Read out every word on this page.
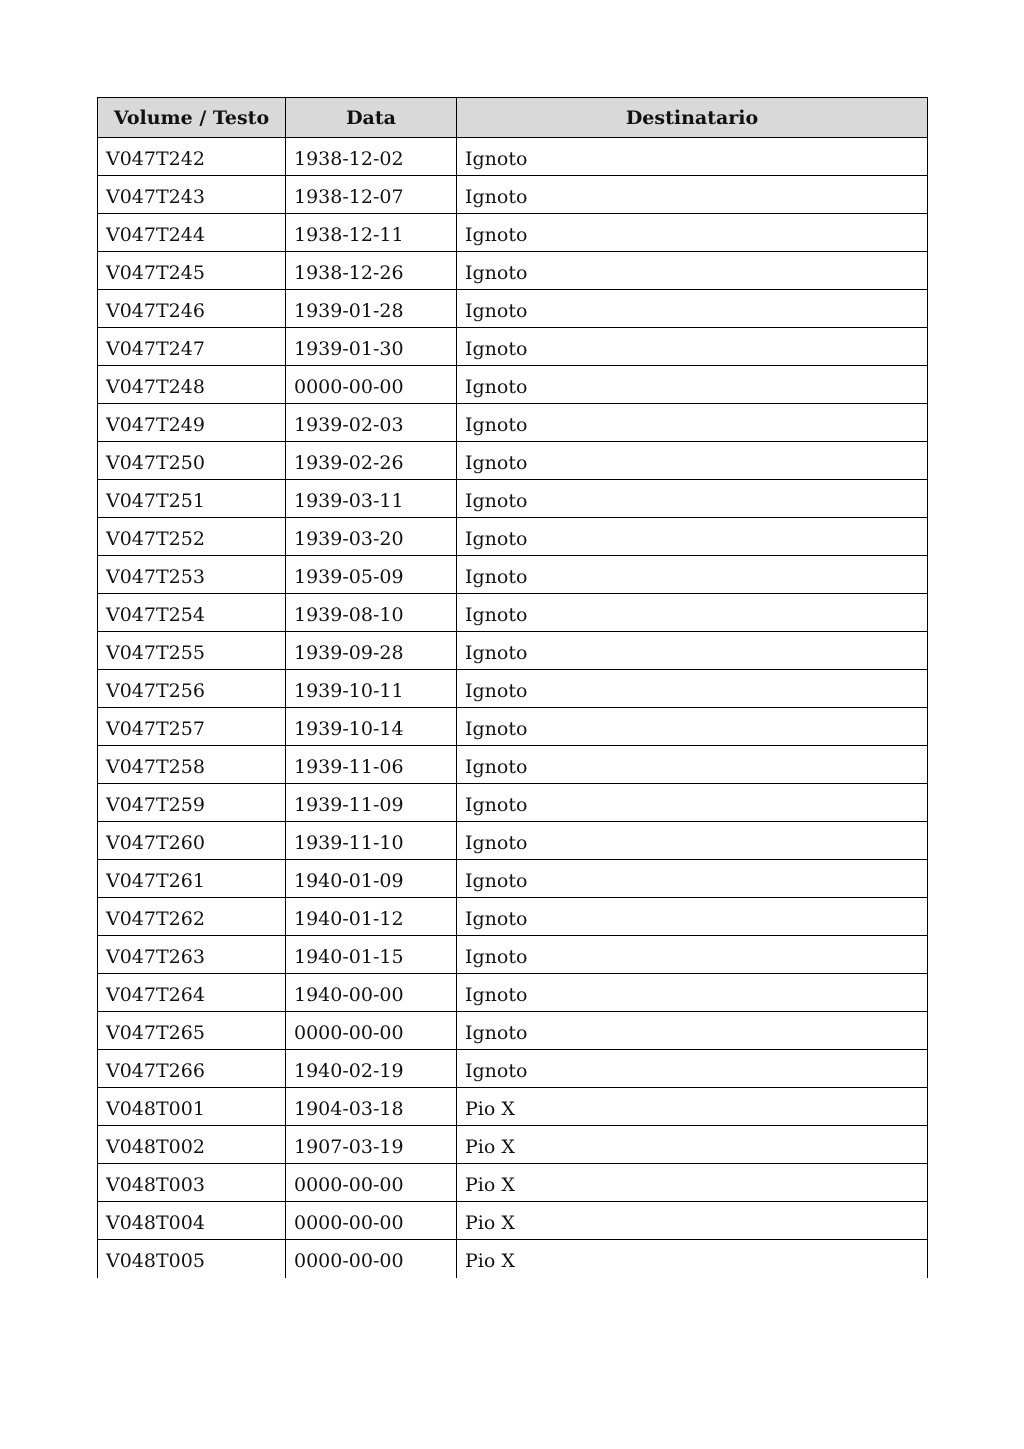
Volume / Testo	Data	Destinatario
V047T242	1938-12-02	Ignoto
V047T243	1938-12-07	Ignoto
V047T244	1938-12-11	Ignoto
V047T245	1938-12-26	Ignoto
V047T246	1939-01-28	Ignoto
V047T247	1939-01-30	Ignoto
V047T248	0000-00-00	Ignoto
V047T249	1939-02-03	Ignoto
V047T250	1939-02-26	Ignoto
V047T251	1939-03-11	Ignoto
V047T252	1939-03-20	Ignoto
V047T253	1939-05-09	Ignoto
V047T254	1939-08-10	Ignoto
V047T255	1939-09-28	Ignoto
V047T256	1939-10-11	Ignoto
V047T257	1939-10-14	Ignoto
V047T258	1939-11-06	Ignoto
V047T259	1939-11-09	Ignoto
V047T260	1939-11-10	Ignoto
V047T261	1940-01-09	Ignoto
V047T262	1940-01-12	Ignoto
V047T263	1940-01-15	Ignoto
V047T264	1940-00-00	Ignoto
V047T265	0000-00-00	Ignoto
V047T266	1940-02-19	Ignoto
V048T001	1904-03-18	Pio X
V048T002	1907-03-19	Pio X
V048T003	0000-00-00	Pio X
V048T004	0000-00-00	Pio X
V048T005	0000-00-00	Pio X
